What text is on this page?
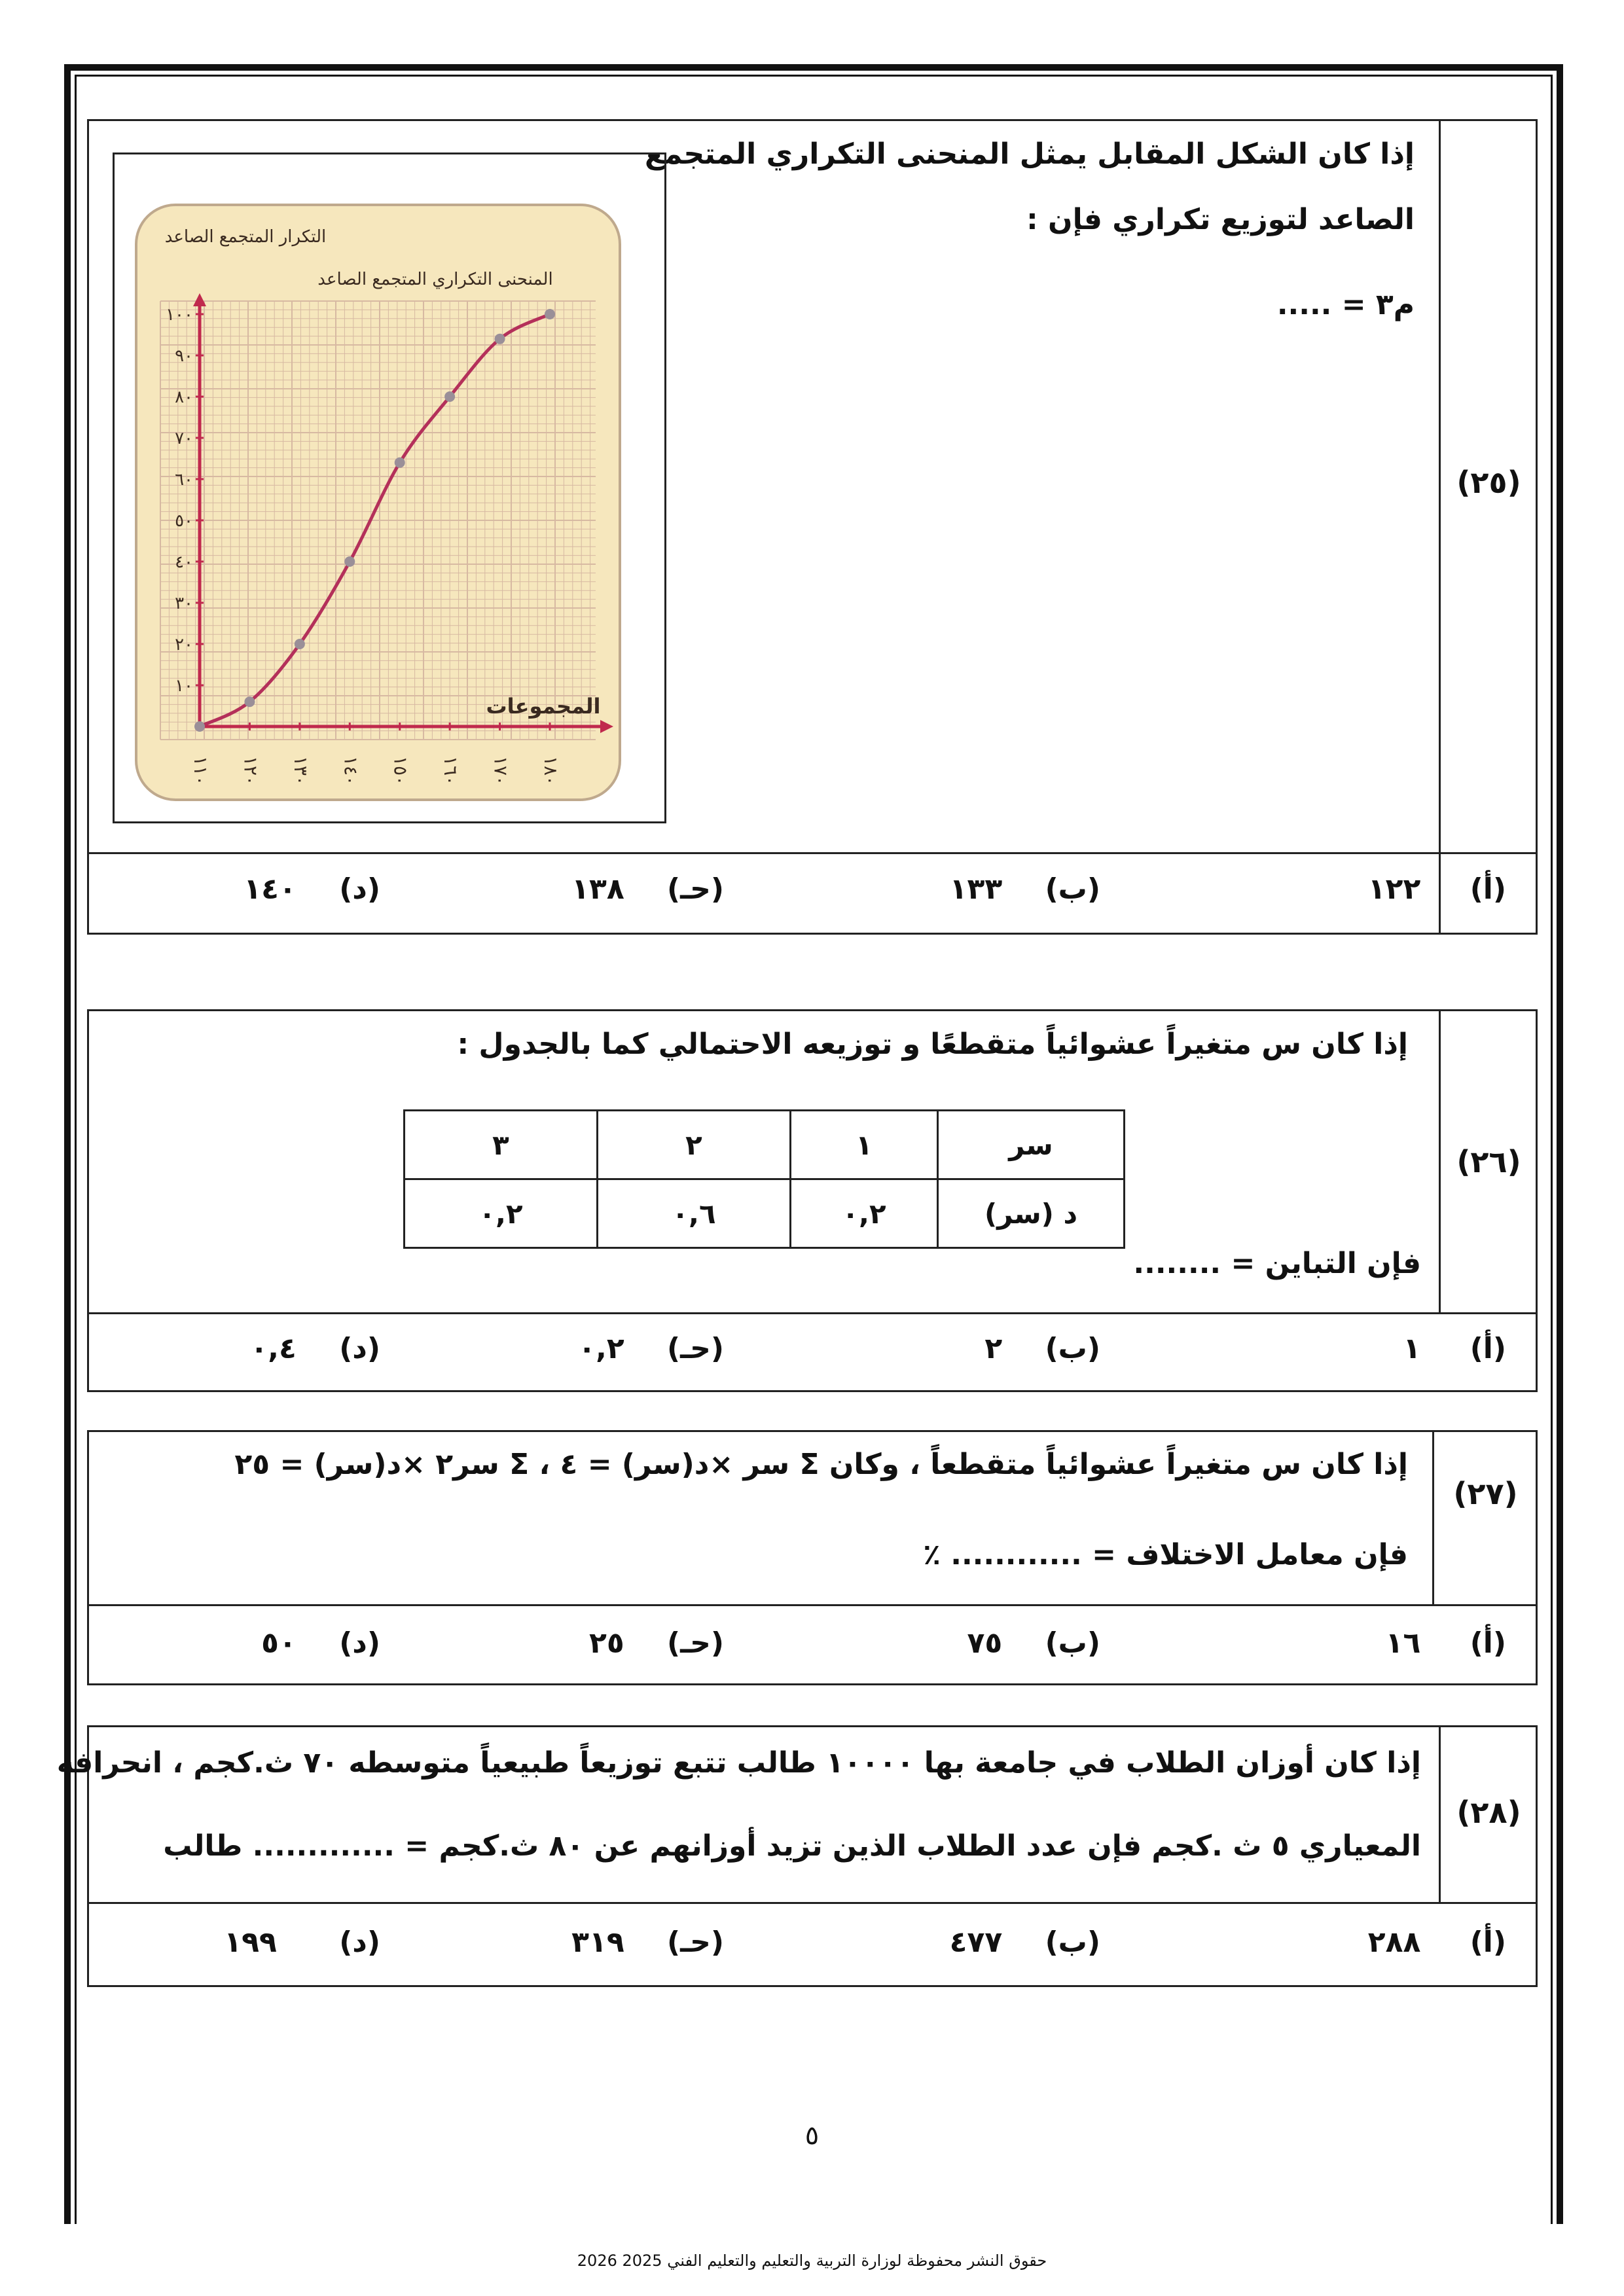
(٢٥)
إذا كان الشكل المقابل يمثل المنحنى التكراري المتجمع
الصاعد لتوزيع تكراري فإن :
م٣ = .....
١٠
٢٠
٣٠
٤٠
٥٠
٦٠
٧٠
٨٠
٩٠
١٠٠
١١٠ ١٢٠ ١٣٠ ١٤٠ ١٥٠ ١٦٠ ١٧٠ ١٨٠
التكرار المتجمع الصاعد
المنحنى التكراري المتجمع الصاعد
المجموعات
(أ) ١٢٢
(ب) ١٣٣
(حـ) ١٣٨
(د) ١٤٠
(٢٦)
إذا كان س متغيراً عشوائياً متقطعًا و توزيعه الاحتمالي كما بالجدول :
سر	١	٢	٣
د (سر)	٠,٢	٠,٦	٠,٢
فإن التباين = ........
(أ) ١
(ب) ٢
(حـ) ٠,٢
(د) ٠,٤
(٢٧)
إذا كان س متغيراً عشوائياً متقطعاً ، وكان Σ سر ×د(سر) = ٤ ، Σ سر٢ ×د(سر) = ٢٥
فإن معامل الاختلاف = ............ ٪
(أ) ١٦
(ب) ٧٥
(حـ) ٢٥
(د) ٥٠
(٢٨)
إذا كان أوزان الطلاب في جامعة بها ١٠٠٠٠ طالب تتبع توزيعاً طبيعياً متوسطه ٧٠ ث.كجم ، انحرافه
المعياري ٥ ث .كجم فإن عدد الطلاب الذين تزيد أوزانهم عن ٨٠ ث.كجم = ............. طالب
(أ) ٢٨٨
(ب) ٤٧٧
(حـ) ٣١٩
(د) ١٩٩
٥
حقوق النشر محفوظة لوزارة التربية والتعليم والتعليم الفني 2025 2026
